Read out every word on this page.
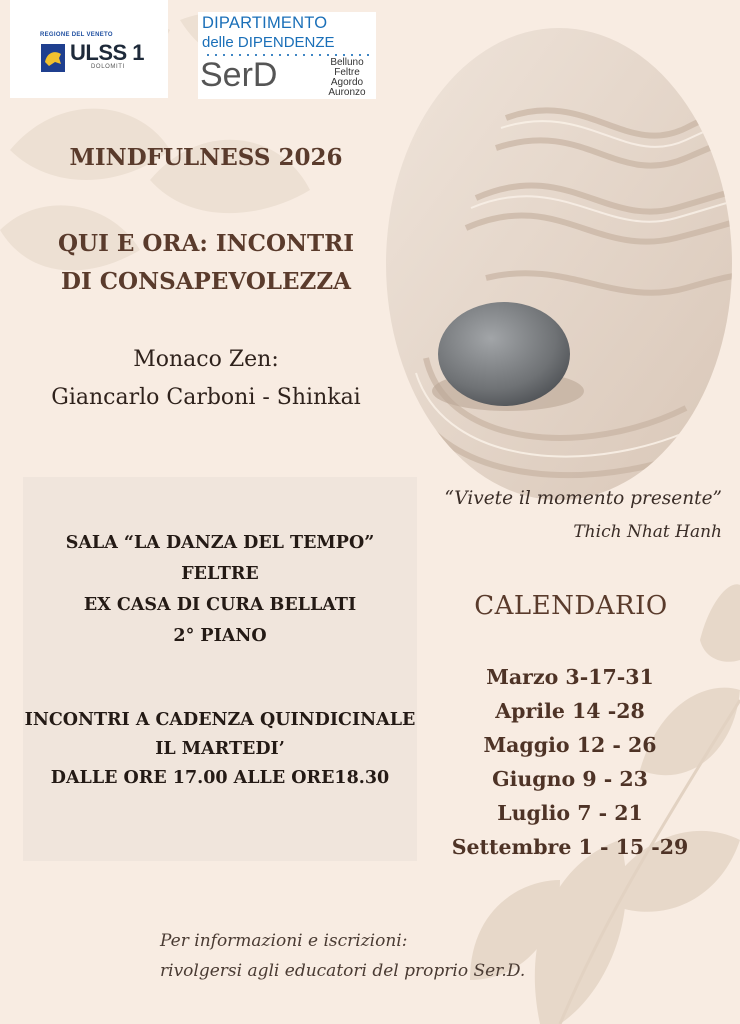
REGIONE DEL VENETO
ULSS 1
DOLOMITI
DIPARTIMENTO
delle DIPENDENZE
SerD	Belluno
Feltre
Agordo
Auronzo
MINDFULNESS 2026
QUI E ORA: INCONTRI
DI CONSAPEVOLEZZA
Monaco Zen:
Giancarlo Carboni - Shinkai
“Vivete il momento presente”
Thich Nhat Hanh
SALA “LA DANZA DEL TEMPO”
FELTRE
EX CASA DI CURA BELLATI
2° PIANO
INCONTRI A CADENZA QUINDICINALE
IL MARTEDI’
DALLE ORE 17.00 ALLE ORE18.30
CALENDARIO
Marzo 3-17-31
Aprile 14 -28
Maggio 12 - 26
Giugno 9 - 23
Luglio 7 - 21
Settembre 1 - 15 -29
Per informazioni e iscrizioni:
rivolgersi agli educatori del proprio Ser.D.
